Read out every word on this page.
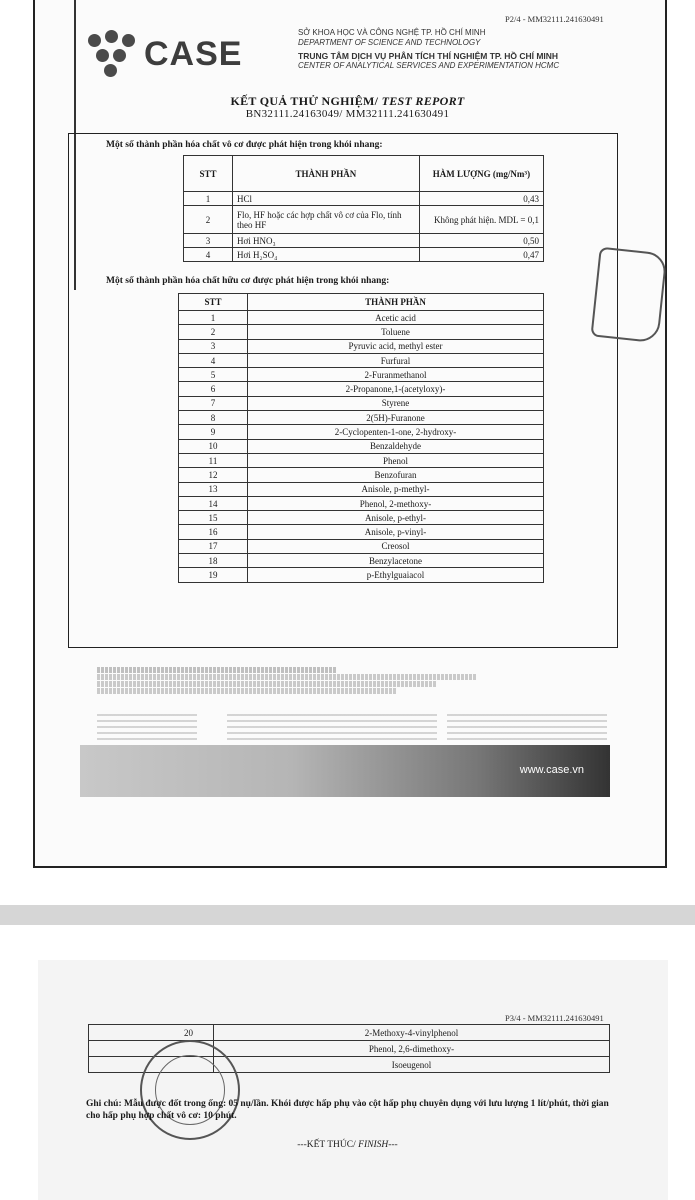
P2/4 - MM32111.241630491
CASE
SỞ KHOA HỌC VÀ CÔNG NGHỆ TP. HỒ CHÍ MINH
DEPARTMENT OF SCIENCE AND TECHNOLOGY
TRUNG TÂM DỊCH VỤ PHÂN TÍCH THÍ NGHIỆM TP. HỒ CHÍ MINH
CENTER OF ANALYTICAL SERVICES AND EXPERIMENTATION HCMC
KẾT QUẢ THỬ NGHIỆM/ TEST REPORT
BN32111.24163049/ MM32111.241630491
Một số thành phần hóa chất vô cơ được phát hiện trong khói nhang:
STT	THÀNH PHẦN	HÀM LƯỢNG (mg/Nm³)
1	HCl	0,43
2	Flo, HF hoặc các hợp chất vô cơ của Flo, tính theo HF	Không phát hiện. MDL = 0,1
3	Hơi HNO₃	0,50
4	Hơi H₂SO₄	0,47
Một số thành phần hóa chất hữu cơ được phát hiện trong khói nhang:
STT	THÀNH PHẦN
1	Acetic acid
2	Toluene
3	Pyruvic acid, methyl ester
4	Furfural
5	2-Furanmethanol
6	2-Propanone,1-(acetyloxy)-
7	Styrene
8	2(5H)-Furanone
9	2-Cyclopenten-1-one, 2-hydroxy-
10	Benzaldehyde
11	Phenol
12	Benzofuran
13	Anisole, p-methyl-
14	Phenol, 2-methoxy-
15	Anisole, p-ethyl-
16	Anisole, p-vinyl-
17	Creosol
18	Benzylacetone
19	p-Ethylguaiacol
www.case.vn
P3/4 - MM32111.241630491
20	2-Methoxy-4-vinylphenol
	Phenol, 2,6-dimethoxy-
	Isoeugenol
Ghi chú: Mẫu được đốt trong ống: 05 nụ/lần. Khói được hấp phụ vào cột hấp phụ chuyên dụng với lưu lượng 1 lít/phút, thời gian cho hấp phụ hợp chất vô cơ: 10 phút.
---KẾT THÚC/ FINISH---
